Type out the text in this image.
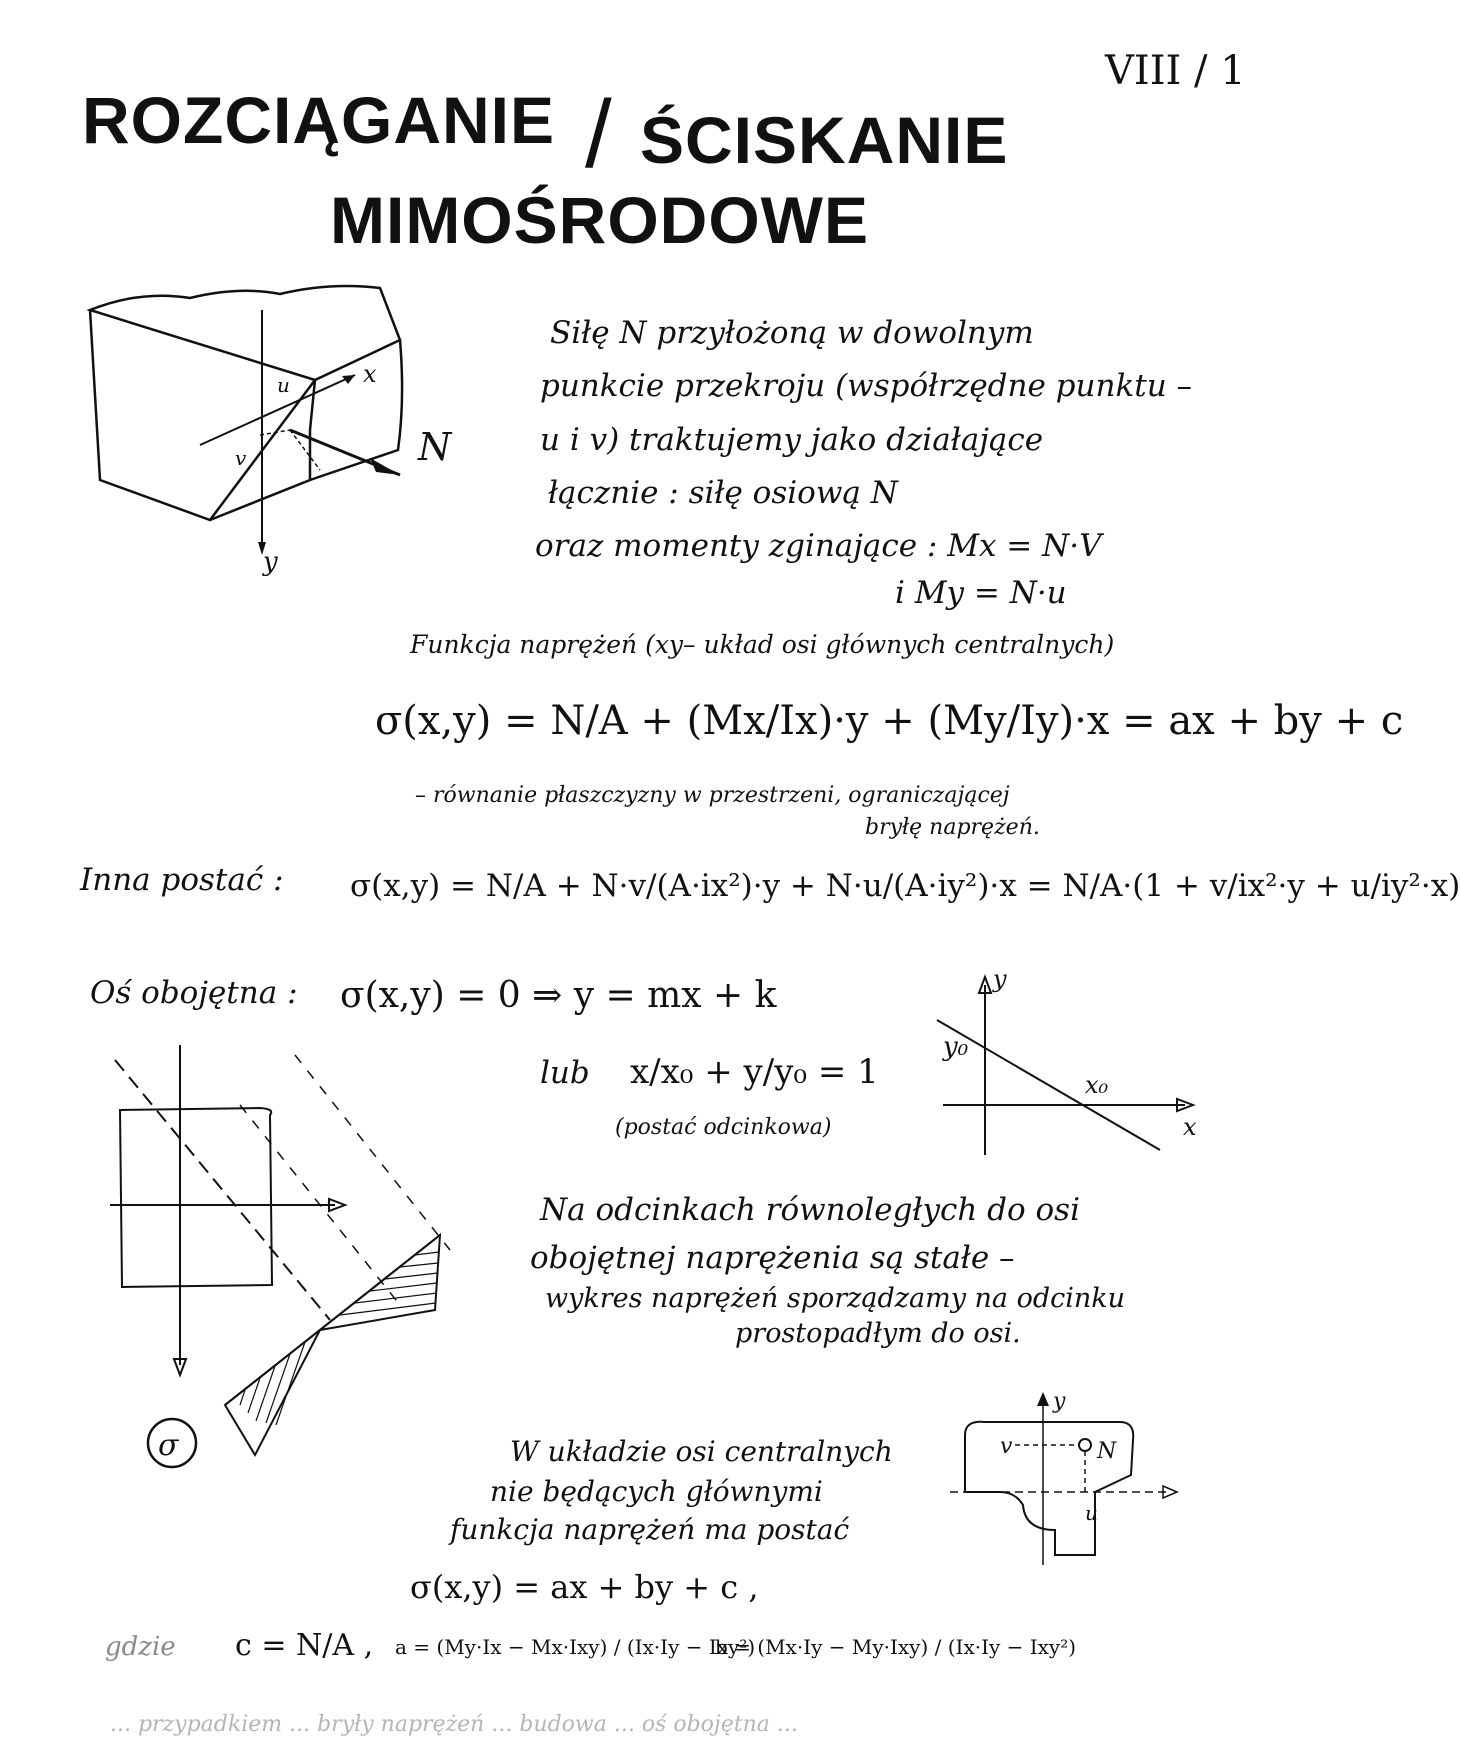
VIII / 1
ROZCIĄGANIE / ŚCISKANIE
MIMOŚRODOWE
x
y
u
v	N
Siłę N przyłożoną w dowolnym
punkcie przekroju (współrzędne punktu –
u i v) traktujemy jako działające
łącznie : siłę osiową N
oraz momenty zginające : Mx = N·V
i My = N·u
Funkcja naprężeń (xy– układ osi głównych centralnych)
σ(x,y) = N/A + (Mx/Ix)·y + (My/Iy)·x = ax + by + c
– równanie płaszczyzny w przestrzeni, ograniczającej
bryłę naprężeń.
Inna postać : σ(x,y) = N/A + N·v/(A·ix²)·y + N·u/(A·iy²)·x = N/A·(1 + v/ix²·y + u/iy²·x)
Oś obojętna : σ(x,y) = 0 ⇒ y = mx + k
lub x/x₀ + y/y₀ = 1
(postać odcinkowa)
y
x
y₀
x₀
σ
Na odcinkach równoległych do osi
obojętnej naprężenia są stałe –
wykres naprężeń sporządzamy na odcinku
prostopadłym do osi.
W układzie osi centralnych
nie będących głównymi
funkcja naprężeń ma postać
σ(x,y) = ax + by + c ,
y
v	N
u
gdzie c = N/A , a = (My·Ix − Mx·Ixy) / (Ix·Iy − Ixy²)
b = (Mx·Iy − My·Ixy) / (Ix·Iy − Ixy²)
... przypadkiem ... bryły naprężeń ... budowa ... oś obojętna ...
